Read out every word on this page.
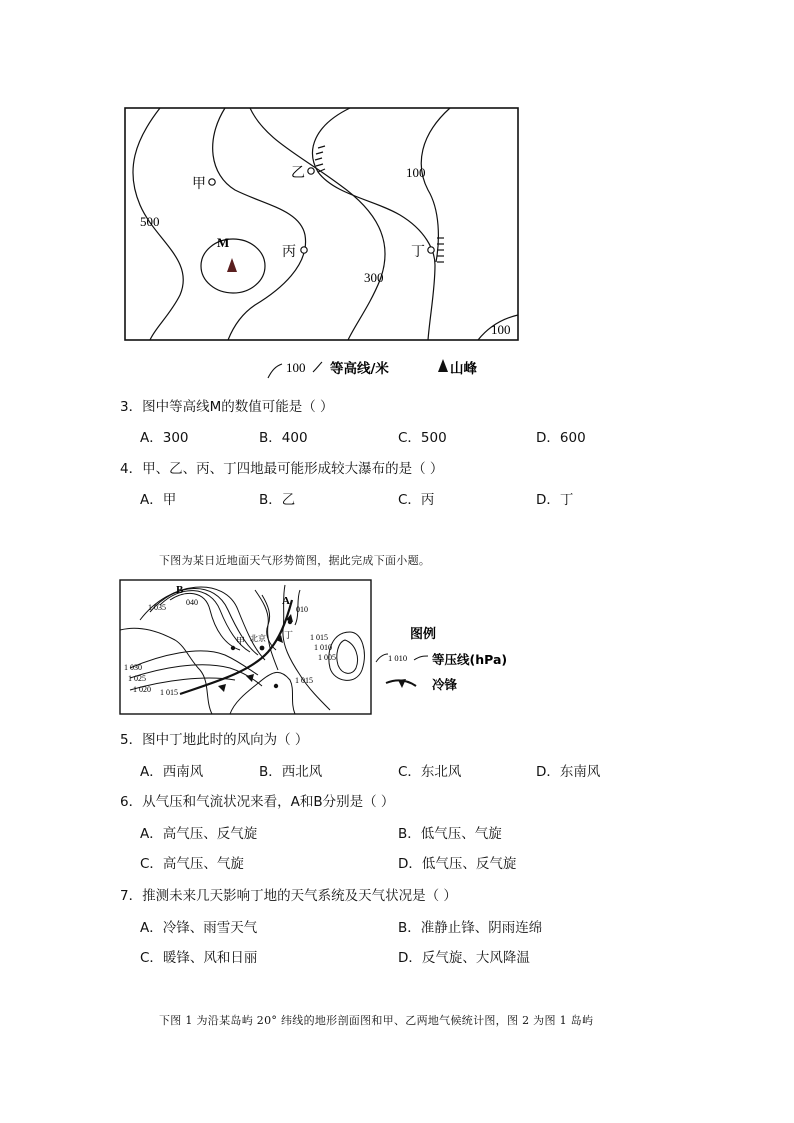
甲
乙
丙	丁
M
500
300
100
100
100 等高线/米	山峰
3．图中等高线M的数值可能是（ ）
A．300	B．400	C．500	D．600
4．甲、乙、丙、丁四地最可能形成较大瀑布的是（ ）
A．甲	B．乙	C．丙	D．丁
下图为某日近地面天气形势简图，据此完成下面小题。
B
A
甲 北京 丁
040
1 035
1 030
1 025
1 020 1 015
010
1 015
1 010
1 005
1 015
图例
1 010 等压线(hPa)
冷锋
5．图中丁地此时的风向为（ ）
A．西南风	B．西北风	C．东北风	D．东南风
6．从气压和气流状况来看，A和B分别是（ ）
A．高气压、反气旋	B．低气压、气旋
C．高气压、气旋	D．低气压、反气旋
7．推测未来几天影响丁地的天气系统及天气状况是（ ）
A．冷锋、雨雪天气	B．准静止锋、阴雨连绵
C．暖锋、风和日丽	D．反气旋、大风降温
下图 1 为沿某岛屿 20° 纬线的地形剖面图和甲、乙两地气候统计图，图 2 为图 1 岛屿
